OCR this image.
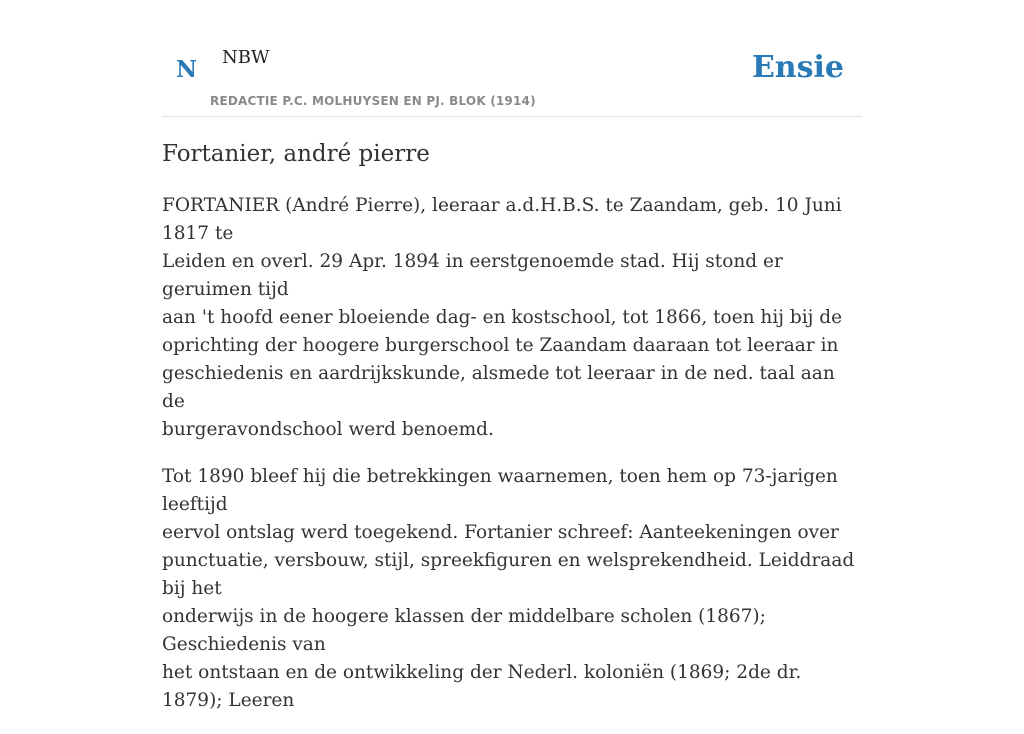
N NBW
REDACTIE P.C. MOLHUYSEN EN PJ. BLOK (1914)
Ensie
Fortanier, andré pierre

FORTANIER (André Pierre), leeraar a.d.H.B.S. te Zaandam, geb. 10 Juni 1817 te
Leiden en overl. 29 Apr. 1894 in eerstgenoemde stad. Hij stond er geruimen tijd
aan 't hoofd eener bloeiende dag- en kostschool, tot 1866, toen hij bij de
oprichting der hoogere burgerschool te Zaandam daaraan tot leeraar in
geschiedenis en aardrijkskunde, alsmede tot leeraar in de ned. taal aan de
burgeravondschool werd benoemd.

Tot 1890 bleef hij die betrekkingen waarnemen, toen hem op 73-jarigen leeftijd
eervol ontslag werd toegekend. Fortanier schreef: Aanteekeningen over
punctuatie, versbouw, stijl, spreekfiguren en welsprekendheid. Leiddraad bij het
onderwijs in de hoogere klassen der middelbare scholen (1867); Geschiedenis van
het ontstaan en de ontwikkeling der Nederl. koloniën (1869; 2de dr. 1879); Leeren
